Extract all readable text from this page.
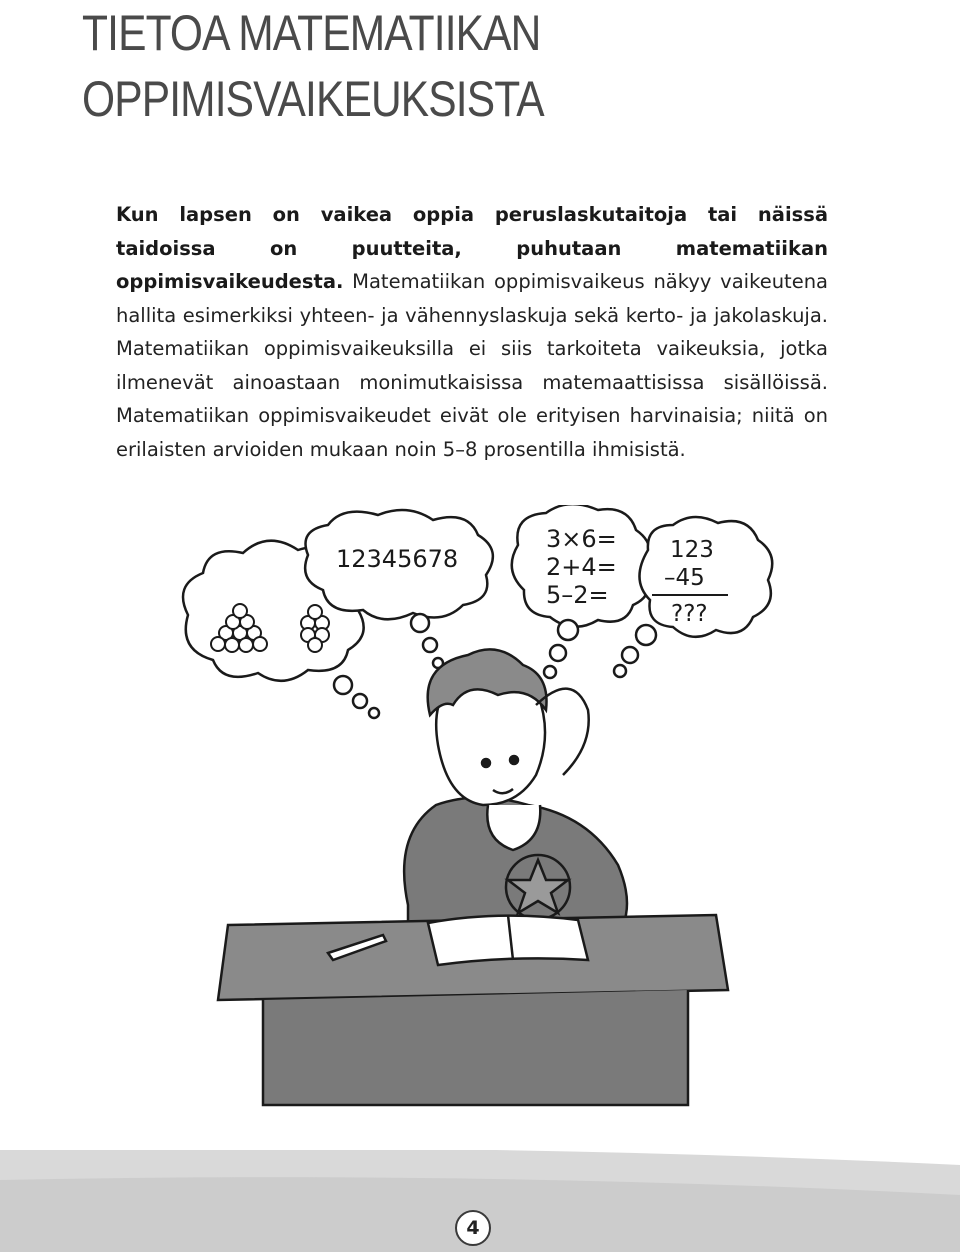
TIETOA MATEMATIIKAN
OPPIMISVAIKEUKSISTA

Kun lapsen on vaikea oppia peruslaskutaitoja tai näissä taidoissa on puutteita, puhutaan matematiikan oppimisvaikeudesta. Matematiikan oppimisvaikeus näkyy vaikeutena hallita esimerkiksi yhteen- ja vähennyslaskuja sekä kerto- ja jakolaskuja. Matematiikan oppimisvaikeuksilla ei siis tarkoiteta vaikeuksia, jotka ilmenevät ainoastaan monimutkaisissa matemaattisissa sisällöissä. Matematiikan oppimisvaikeudet eivät ole erityisen harvinaisia; niitä on erilaisten arvioiden mukaan noin 5–8 prosentilla ihmisistä.

12345678
3×6=
2+4=
5–2=
123
–45
???
4
